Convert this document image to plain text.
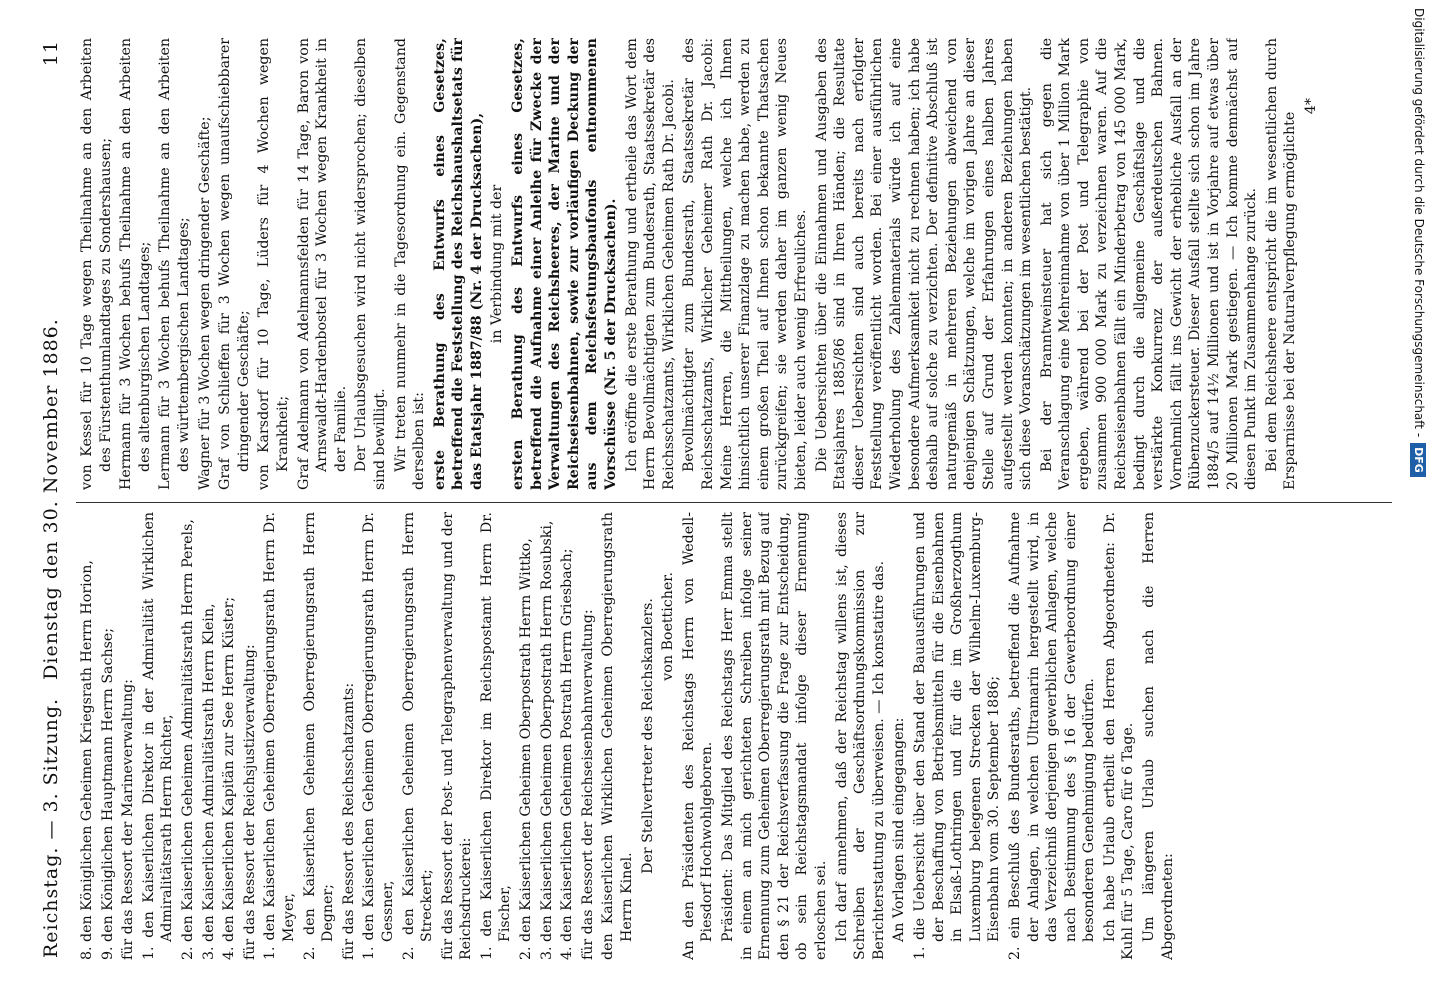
Reichstag. — 3. Sitzung.
Dienstag den 30. November 1886.
11

8. den Königlichen Geheimen Kriegsrath Herrn Horion, 9. den Königlichen Hauptmann Herrn Sachse; für das Ressort der Marineverwaltung: 1. den Kaiserlichen Direktor in der Admiralität Wirklichen Admiralitätsrath Herrn Richter, 2. den Kaiserlichen Geheimen Admiralitätsrath Herrn Perels, 3. den Kaiserlichen Admiralitätsrath Herrn Klein, 4. den Kaiserlichen Kapitän zur See Herrn Küster; für das Ressort der Reichsjustizverwaltung: 1. den Kaiserlichen Geheimen Oberregierungsrath Herrn Dr. Meyer, 2. den Kaiserlichen Geheimen Oberregierungsrath Herrn Degner; für das Ressort des Reichsschatzamts: 1. den Kaiserlichen Geheimen Oberregierungsrath Herrn Dr. Gessner, 2. den Kaiserlichen Geheimen Oberregierungsrath Herrn Streckert; für das Ressort der Post- und Telegraphenverwaltung und der Reichsdruckerei: 1. den Kaiserlichen Direktor im Reichspostamt Herrn Dr. Fischer, 2. den Kaiserlichen Geheimen Oberpostrath Herrn Wittko, 3. den Kaiserlichen Geheimen Oberpostrath Herrn Rosubski, 4. den Kaiserlichen Geheimen Postrath Herrn Griesbach; für das Ressort der Reichseisenbahnverwaltung: den Kaiserlichen Wirklichen Geheimen Oberregierungsrath Herrn Kinel.

Der Stellvertreter des Reichskanzlers. von Boetticher. An den Präsidenten des Reichstags Herrn von Wedell-Piesdorf Hochwohlgeboren. Präsident: Das Mitglied des Reichstags Herr Emma stellt in einem an mich gerichteten Schreiben infolge seiner Ernennung zum Geheimen Oberregierungsrath mit Bezug auf den § 21 der Reichsverfassung die Frage zur Entscheidung, ob sein Reichstagsmandat infolge dieser Ernennung erloschen sei. Ich darf annehmen, daß der Reichstag willens ist, dieses Schreiben der Geschäftsordnungskommission zur Berichterstattung zu überweisen. — Ich konstatire das. An Vorlagen sind eingegangen: 1. die Uebersicht über den Stand der Bauausführungen und der Beschaffung von Betriebsmitteln für die Eisenbahnen in Elsaß-Lothringen und für die im Großherzogthum Luxemburg belegenen Strecken der Wilhelm-Luxemburg-Eisenbahn vom 30. September 1886; 2. ein Beschluß des Bundesraths, betreffend die Aufnahme der Anlagen, in welchen Ultramarin hergestellt wird, in das Verzeichniß derjenigen gewerblichen Anlagen, welche nach Bestimmung des § 16 der Gewerbeordnung einer besonderen Genehmigung bedürfen. Ich habe Urlaub ertheilt den Herren Abgeordneten: Dr. Kuhl für 5 Tage, Caro für 6 Tage. Um längeren Urlaub suchen nach die Herren Abgeordneten:

von Kessel für 10 Tage wegen Theilnahme an den Arbeiten des Fürstenthumlandtages zu Sondershausen; Hermann für 3 Wochen behufs Theilnahme an den Arbeiten des altenburgischen Landtages; Lermann für 3 Wochen behufs Theilnahme an den Arbeiten des württembergischen Landtages; Wagner für 3 Wochen wegen dringender Geschäfte; Graf von Schlieffen für 3 Wochen wegen unaufschiebbarer dringender Geschäfte; von Karsdorf für 10 Tage, Lüders für 4 Wochen wegen Krankheit; Graf Adelmann von Adelmannsfelden für 14 Tage, Baron von Arnswaldt-Hardenbostel für 3 Wochen wegen Krankheit in der Familie. Der Urlaubsgesuchen wird nicht widersprochen; dieselben sind bewilligt. Wir treten nunmehr in die Tagesordnung ein. Gegenstand derselben ist: erste Berathung des Entwurfs eines Gesetzes, betreffend die Feststellung des Reichshaushaltsetats für das Etatsjahr 1887/88 (Nr. 4 der Drucksachen), in Verbindung mit der ersten Berathung des Entwurfs eines Gesetzes, betreffend die Aufnahme einer Anleihe für Zwecke der Verwaltungen des Reichsheeres, der Marine und der Reichseisenbahnen, sowie zur vorläufigen Deckung der aus dem Reichsfestungsbaufonds entnommenen Vorschüsse (Nr. 5 der Drucksachen). Ich eröffne die erste Berathung und ertheile das Wort dem Herrn Bevollmächtigten zum Bundesrath, Staatssekretär des Reichsschatzamts, Wirklichen Geheimen Rath Dr. Jacobi. Bevollmächtigter zum Bundesrath, Staatssekretär des Reichsschatzamts, Wirklicher Geheimer Rath Dr. Jacobi: Meine Herren, die Mittheilungen, welche ich Ihnen hinsichtlich unserer Finanzlage zu machen habe, werden zu einem großen Theil auf Ihnen schon bekannte Thatsachen zurückgreifen; sie werden daher im ganzen wenig Neues bieten, leider auch wenig Erfreuliches. Die Uebersichten über die Einnahmen und Ausgaben des Etatsjahres 1885/86 sind in Ihren Händen; die Resultate dieser Uebersichten sind auch bereits nach erfolgter Feststellung veröffentlicht worden. Bei einer ausführlichen Wiederholung des Zahlenmaterials würde ich auf eine besondere Aufmerksamkeit nicht zu rechnen haben; ich habe deshalb auf solche zu verzichten. Der definitive Abschluß ist naturgemäß in mehreren Beziehungen abweichend von denjenigen Schätzungen, welche im vorigen Jahre an dieser Stelle auf Grund der Erfahrungen eines halben Jahres aufgestellt werden konnten; in anderen Beziehungen haben sich diese Voranschätzungen im wesentlichen bestätigt. Bei der Branntweinsteuer hat sich gegen die Veranschlagung eine Mehreinnahme von über 1 Million Mark ergeben, während bei der Post und Telegraphie von zusammen 900 000 Mark zu verzeichnen waren. Auf die Reichseisenbahnen fällt ein Minderbetrag von 145 000 Mark, bedingt durch die allgemeine Geschäftslage und die verstärkte Konkurrenz der außerdeutschen Bahnen. Vornehmlich fällt ins Gewicht der erhebliche Ausfall an der Rübenzuckersteuer. Dieser Ausfall stellte sich schon im Jahre 1884/5 auf 14½ Millionen und ist in Vorjahre auf etwas über 20 Millionen Mark gestiegen. — Ich komme demnächst auf diesen Punkt im Zusammenhange zurück. Bei dem Reichsheere entspricht die im wesentlichen durch Ersparnisse bei der Naturalverpflegung ermöglichte

4*	Digitalisierung gefördert durch die Deutsche Forschungsgemeinschaft -DFG
